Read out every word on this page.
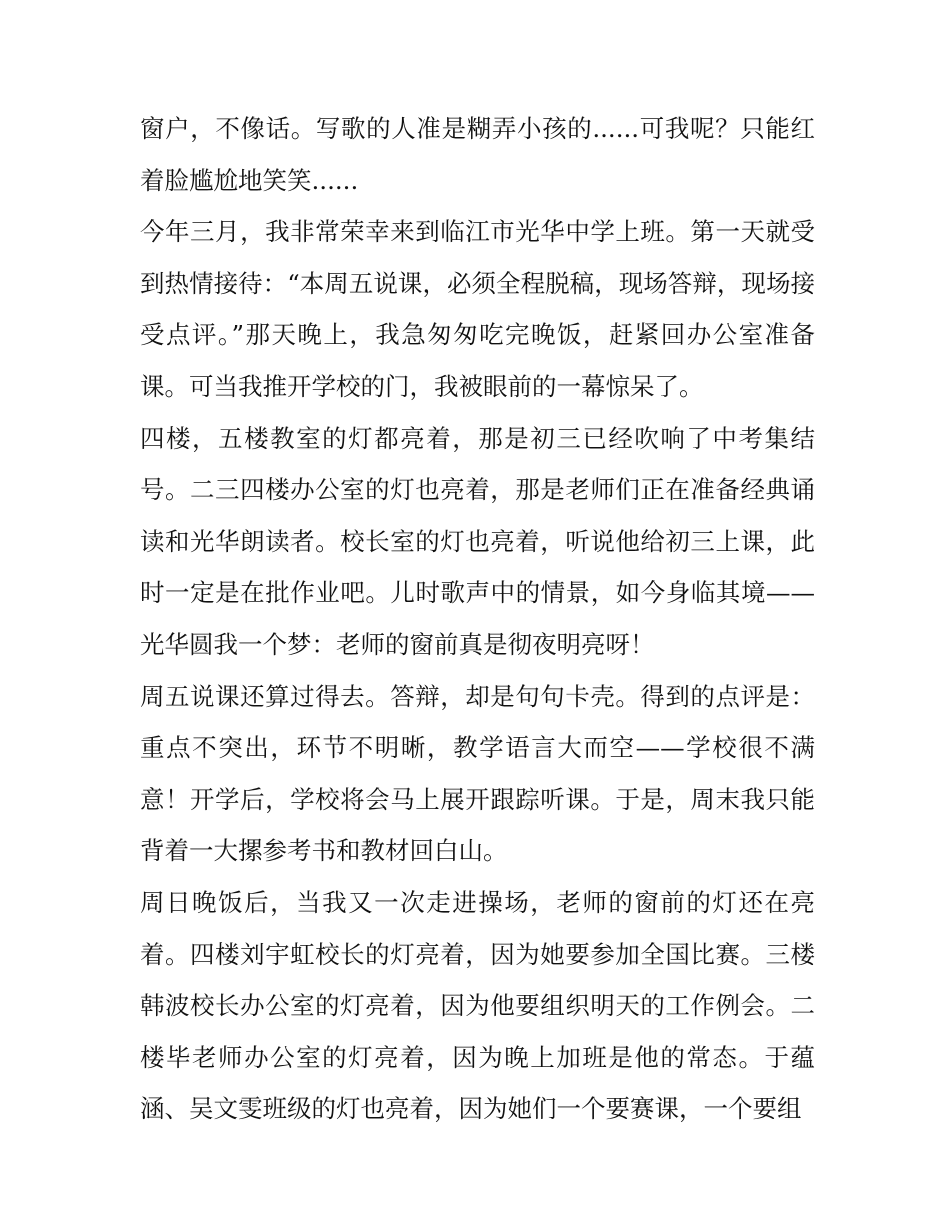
窗户，不像话。写歌的人准是糊弄小孩的......可我呢？只能红着脸尴尬地笑笑......

今年三月，我非常荣幸来到临江市光华中学上班。第一天就受到热情接待：“本周五说课，必须全程脱稿，现场答辩，现场接受点评。”那天晚上，我急匆匆吃完晚饭，赶紧回办公室准备课。可当我推开学校的门，我被眼前的一幕惊呆了。

四楼，五楼教室的灯都亮着，那是初三已经吹响了中考集结号。二三四楼办公室的灯也亮着，那是老师们正在准备经典诵读和光华朗读者。校长室的灯也亮着，听说他给初三上课，此时一定是在批作业吧。儿时歌声中的情景，如今身临其境——光华圆我一个梦：老师的窗前真是彻夜明亮呀！

周五说课还算过得去。答辩，却是句句卡壳。得到的点评是：重点不突出，环节不明晰，教学语言大而空——学校很不满意！开学后，学校将会马上展开跟踪听课。于是，周末我只能背着一大摞参考书和教材回白山。

周日晚饭后，当我又一次走进操场，老师的窗前的灯还在亮着。四楼刘宇虹校长的灯亮着，因为她要参加全国比赛。三楼韩波校长办公室的灯亮着，因为他要组织明天的工作例会。二楼毕老师办公室的灯亮着，因为晚上加班是他的常态。于蕴涵、吴文雯班级的灯也亮着，因为她们一个要赛课，一个要组
